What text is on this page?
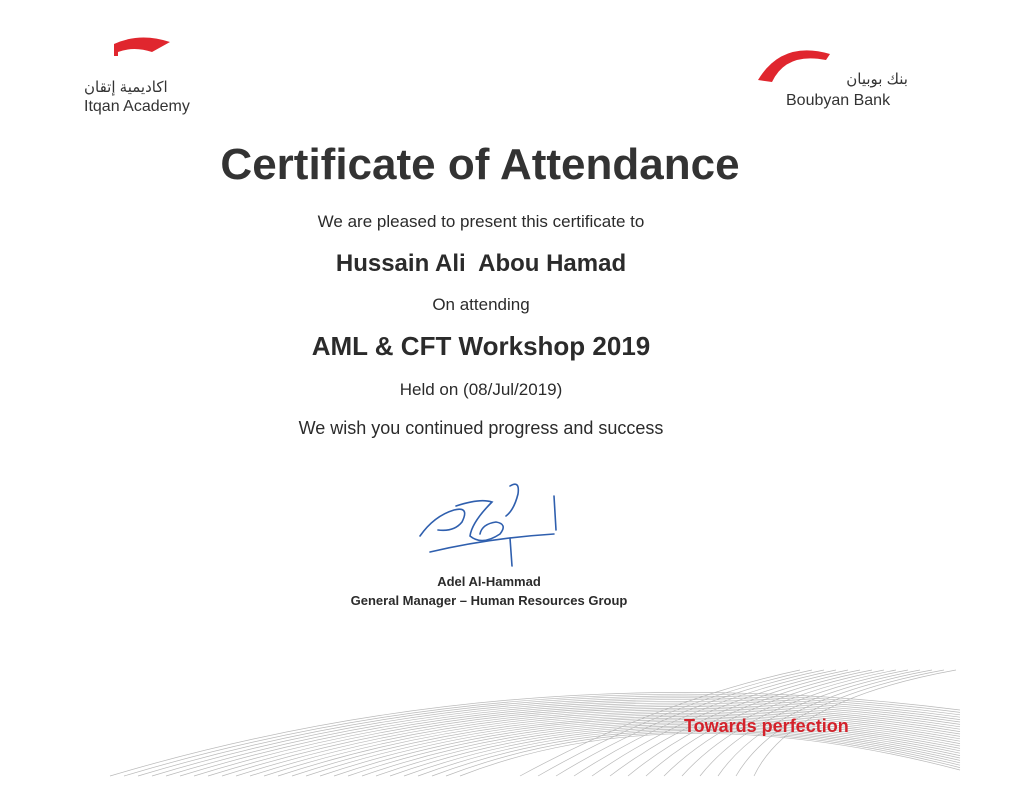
اكاديمية إتقان
Itqan Academy
بنك بوبيان
Boubyan Bank
Certificate of Attendance
We are pleased to present this certificate to
Hussain Ali  Abou Hamad
On attending
AML & CFT Workshop 2019
Held on (08/Jul/2019)
We wish you continued progress and success
Adel Al-Hammad
General Manager – Human Resources Group
Towards perfection
